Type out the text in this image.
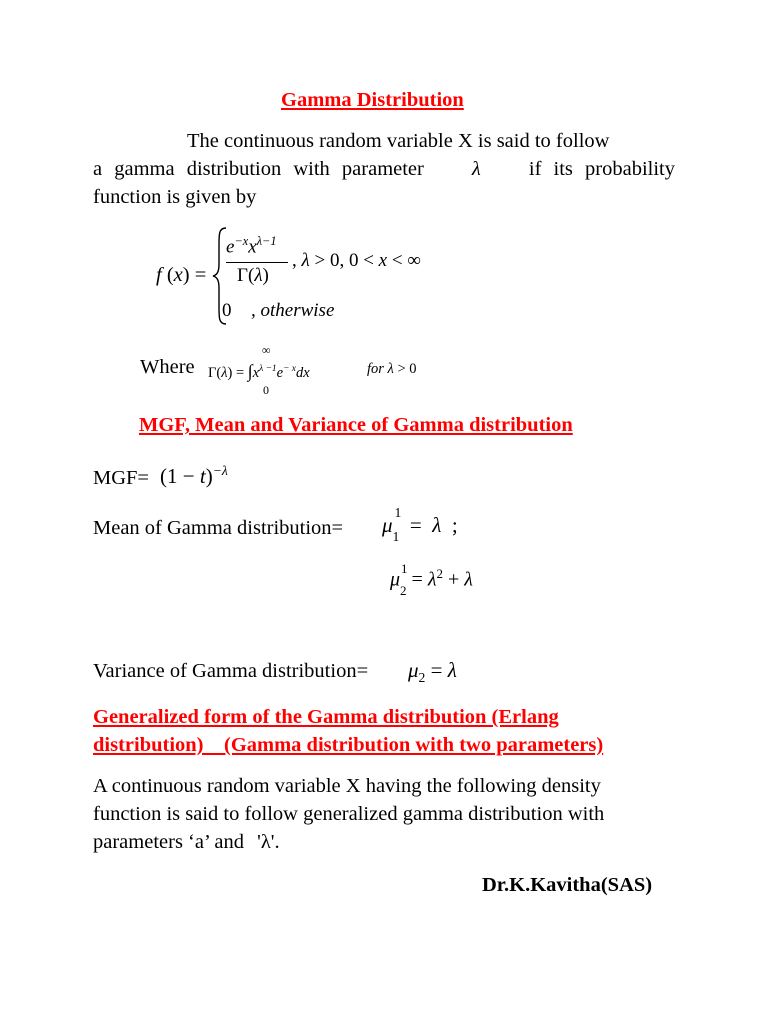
Gamma Distribution
The continuous random variable X is said to follow
a gamma distribution with parameter λ if its probability
function is given by
f (x) =
$e^{-x}x^{\lambda-1}$
Γ(λ)
, λ > 0, 0 < x < ∞
0 , otherwise
Where
∞
$\Gamma(\lambda) = \int x^{\lambda -1}e^{- x}dx$
0
for λ > 0
MGF, Mean and Variance of Gamma distribution
$MGF= (1 - t)^{-\lambda}$
Mean of Gamma distribution= μ
1
$_1$  =  λ  ;
μ
1
$_2 = \lambda^2 + \lambda$
Variance of Gamma distribution= $\mu_2 = \lambda$
Generalized form of the Gamma distribution (Erlang
distribution)    (Gamma distribution with two parameters)
A continuous random variable X having the following density
function is said to follow generalized gamma distribution with
parameters ‘a’ and 'λ'.
Dr.K.Kavitha(SAS)
